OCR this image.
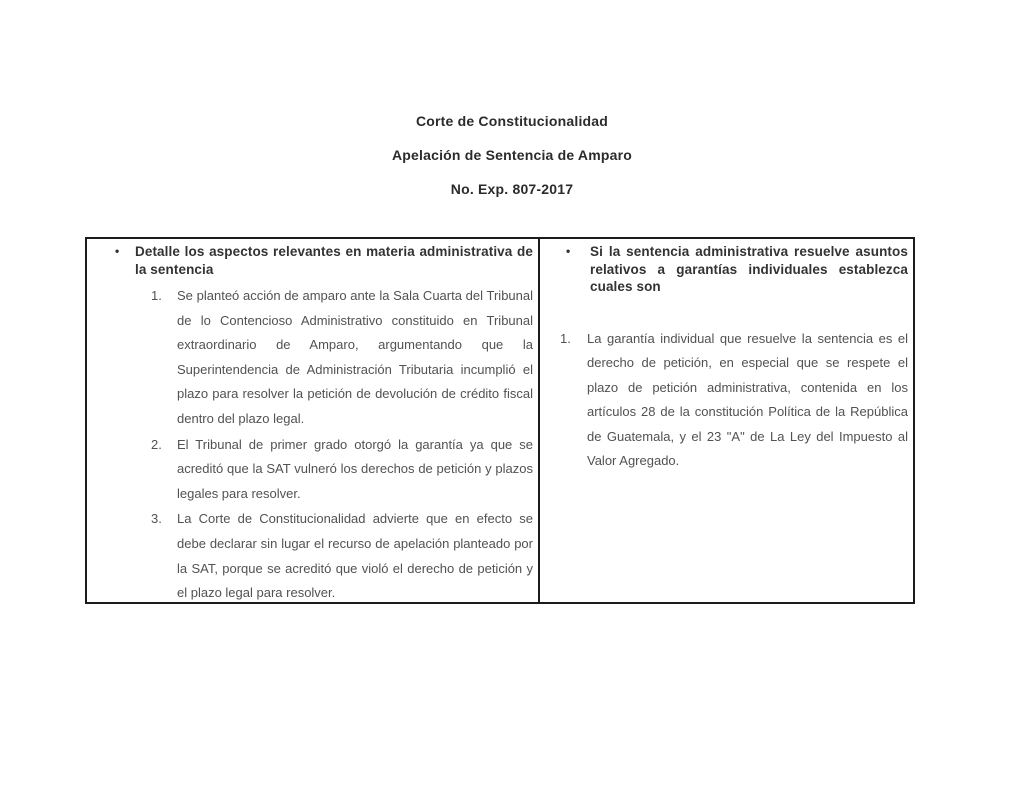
Corte de Constitucionalidad
Apelación de Sentencia de Amparo
No. Exp. 807-2017
•	Detalle los aspectos relevantes en materia administrativa de la sentencia
1.	Se planteó acción de amparo ante la Sala Cuarta del Tribunal de lo Contencioso Administrativo constituido en Tribunal extraordinario de Amparo, argumentando que la Superintendencia de Administración Tributaria incumplió el plazo para resolver la petición de devolución de crédito fiscal dentro del plazo legal.
2.	El Tribunal de primer grado otorgó la garantía ya que se acreditó que la SAT vulneró los derechos de petición y plazos legales para resolver.
3.	La Corte de Constitucionalidad advierte que en efecto se debe declarar sin lugar el recurso de apelación planteado por la SAT, porque se acreditó que violó el derecho de petición y el plazo legal para resolver.
•	Si la sentencia administrativa resuelve asuntos relativos a garantías individuales establezca cuales son
1.	La garantía individual que resuelve la sentencia es el derecho de petición, en especial que se respete el plazo de petición administrativa, contenida en los artículos 28 de la constitución Política de la República de Guatemala, y el 23 "A" de La Ley del Impuesto al Valor Agregado.
